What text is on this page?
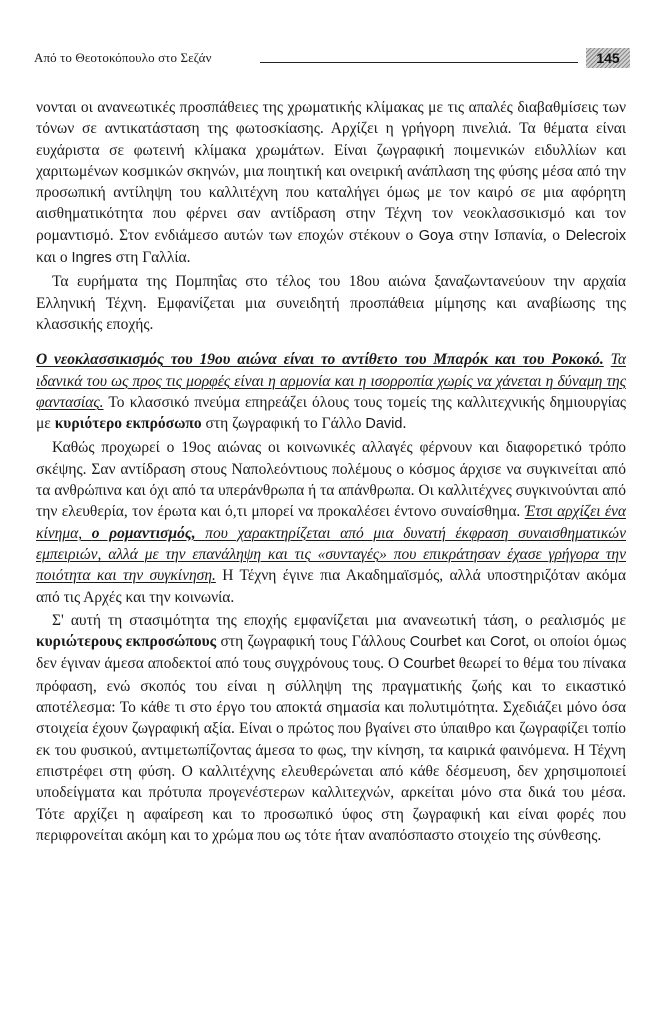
Από το Θεοτοκόπουλο στο Σεζάν	145

νονται οι ανανεωτικές προσπάθειες της χρωματικής κλίμακας με τις απαλές διαβαθμίσεις των τόνων σε αντικατάσταση της φωτοσκίασης. Αρχίζει η γρήγορη πινελιά. Τα θέματα είναι ευχάριστα σε φωτεινή κλίμακα χρωμάτων. Είναι ζωγραφική ποιμενικών ειδυλλίων και χαριτωμένων κοσμικών σκηνών, μια ποιητική και ονειρική ανάπλαση της φύσης μέσα από την προσωπική αντίληψη του καλλιτέχνη που καταλήγει όμως με τον καιρό σε μια αφόρητη αισθηματικότητα που φέρνει σαν αντίδραση στην Τέχνη τον νεοκλασσικισμό και τον ρομαντισμό. Στον ενδιάμεσο αυτών των εποχών στέκουν ο Goya στην Ισπανία, ο Delecroix και ο Ingres στη Γαλλία.

Τα ευρήματα της Πομπηΐας στο τέλος του 18ου αιώνα ξαναζωντανεύουν την αρχαία Ελληνική Τέχνη. Εμφανίζεται μια συνειδητή προσπάθεια μίμησης και αναβίωσης της κλασσικής εποχής.

Ο νεοκλασσικισμός του 19ου αιώνα είναι το αντίθετο του Μπαρόκ και του Ροκοκό. Τα ιδανικά του ως προς τις μορφές είναι η αρμονία και η ισορροπία χωρίς να χάνεται η δύναμη της φαντασίας. Το κλασσικό πνεύμα επηρεάζει όλους τους τομείς της καλλιτεχνικής δημιουργίας με κυριότερο εκπρόσωπο στη ζωγραφική το Γάλλο David.

Καθώς προχωρεί ο 19ος αιώνας οι κοινωνικές αλλαγές φέρνουν και διαφορετικό τρόπο σκέψης. Σαν αντίδραση στους Ναπολεόντιους πολέμους ο κόσμος άρχισε να συγκινείται από τα ανθρώπινα και όχι από τα υπεράνθρωπα ή τα απάνθρωπα. Οι καλλιτέχνες συγκινούνται από την ελευθερία, τον έρωτα και ό,τι μπορεί να προκαλέσει έντονο συναίσθημα. Έτσι αρχίζει ένα κίνημα, ο ρομαντισμός, που χαρακτηρίζεται από μια δυνατή έκφραση συναισθηματικών εμπειριών, αλλά με την επανάληψη και τις «συνταγές» που επικράτησαν έχασε γρήγορα την ποιότητα και την συγκίνηση. Η Τέχνη έγινε πια Ακαδημαϊσμός, αλλά υποστηριζόταν ακόμα από τις Αρχές και την κοινωνία.

Σ' αυτή τη στασιμότητα της εποχής εμφανίζεται μια ανανεωτική τάση, ο ρεαλισμός με κυριώτερους εκπροσώπους στη ζωγραφική τους Γάλλους Courbet και Corot, οι οποίοι όμως δεν έγιναν άμεσα αποδεκτοί από τους συγχρόνους τους. Ο Courbet θεωρεί το θέμα του πίνακα πρόφαση, ενώ σκοπός του είναι η σύλληψη της πραγματικής ζωής και το εικαστικό αποτέλεσμα: Το κάθε τι στο έργο του αποκτά σημασία και πολυτιμότητα. Σχεδιάζει μόνο όσα στοιχεία έχουν ζωγραφική αξία. Είναι ο πρώτος που βγαίνει στο ύπαιθρο και ζωγραφίζει τοπίο εκ του φυσικού, αντιμετωπίζοντας άμεσα το φως, την κίνηση, τα καιρικά φαινόμενα. Η Τέχνη επιστρέφει στη φύση. Ο καλλιτέχνης ελευθερώνεται από κάθε δέσμευση, δεν χρησιμοποιεί υποδείγματα και πρότυπα προγενέστερων καλλιτεχνών, αρκείται μόνο στα δικά του μέσα. Τότε αρχίζει η αφαίρεση και το προσωπικό ύφος στη ζωγραφική και είναι φορές που περιφρονείται ακόμη και το χρώμα που ως τότε ήταν αναπόσπαστο στοιχείο της σύνθεσης.
